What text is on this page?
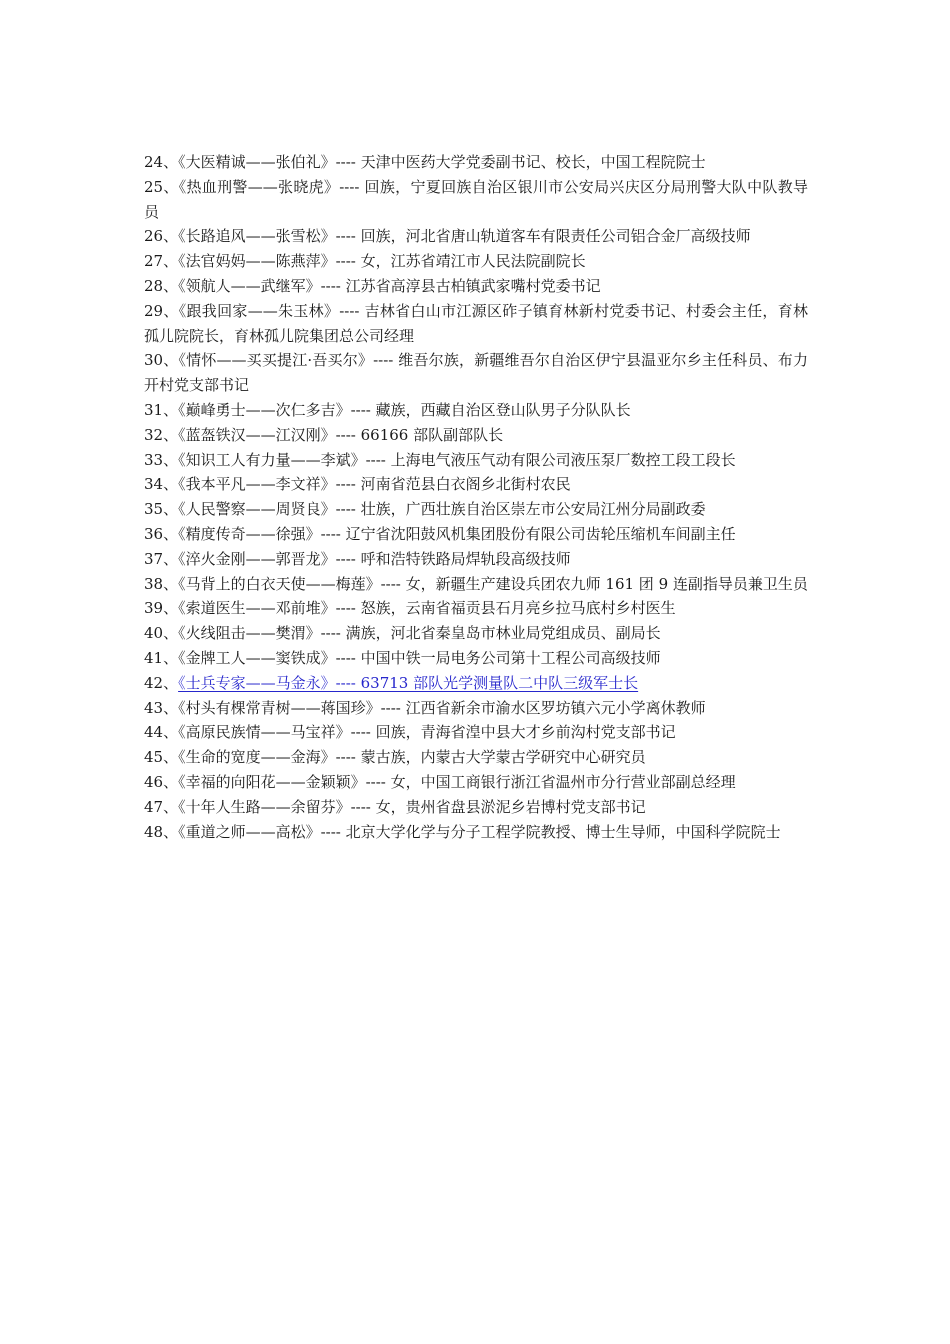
24、《大医精诚——张伯礼》---- 天津中医药大学党委副书记、校长，中国工程院院士

25、《热血刑警——张晓虎》---- 回族，宁夏回族自治区银川市公安局兴庆区分局刑警大队中队教导员

26、《长路追风——张雪松》---- 回族，河北省唐山轨道客车有限责任公司铝合金厂高级技师

27、《法官妈妈——陈燕萍》---- 女，江苏省靖江市人民法院副院长

28、《领航人——武继军》---- 江苏省高淳县古柏镇武家嘴村党委书记

29、《跟我回家——朱玉林》---- 吉林省白山市江源区砟子镇育林新村党委书记、村委会主任，育林孤儿院院长，育林孤儿院集团总公司经理

30、《情怀——买买提江·吾买尔》---- 维吾尔族，新疆维吾尔自治区伊宁县温亚尔乡主任科员、布力开村党支部书记

31、《巅峰勇士——次仁多吉》---- 藏族，西藏自治区登山队男子分队队长

32、《蓝盔铁汉——江汉刚》---- 66166 部队副部队长

33、《知识工人有力量——李斌》---- 上海电气液压气动有限公司液压泵厂数控工段工段长

34、《我本平凡——李文祥》---- 河南省范县白衣阁乡北街村农民

35、《人民警察——周贤良》---- 壮族，广西壮族自治区崇左市公安局江州分局副政委

36、《精度传奇——徐强》---- 辽宁省沈阳鼓风机集团股份有限公司齿轮压缩机车间副主任

37、《淬火金刚——郭晋龙》---- 呼和浩特铁路局焊轨段高级技师

38、《马背上的白衣天使——梅莲》---- 女，新疆生产建设兵团农九师 161 团 9 连副指导员兼卫生员

39、《索道医生——邓前堆》---- 怒族，云南省福贡县石月亮乡拉马底村乡村医生

40、《火线阻击——樊渭》---- 满族，河北省秦皇岛市林业局党组成员、副局长

41、《金牌工人——窦铁成》---- 中国中铁一局电务公司第十工程公司高级技师

42、《士兵专家——马金永》---- 63713 部队光学测量队二中队三级军士长

43、《村头有棵常青树——蒋国珍》---- 江西省新余市渝水区罗坊镇六元小学离休教师

44、《高原民族情——马宝祥》---- 回族，青海省湟中县大才乡前沟村党支部书记

45、《生命的宽度——金海》---- 蒙古族，内蒙古大学蒙古学研究中心研究员

46、《幸福的向阳花——金颖颖》---- 女，中国工商银行浙江省温州市分行营业部副总经理

47、《十年人生路——余留芬》---- 女，贵州省盘县淤泥乡岩博村党支部书记

48、《重道之师——高松》---- 北京大学化学与分子工程学院教授、博士生导师，中国科学院院士
